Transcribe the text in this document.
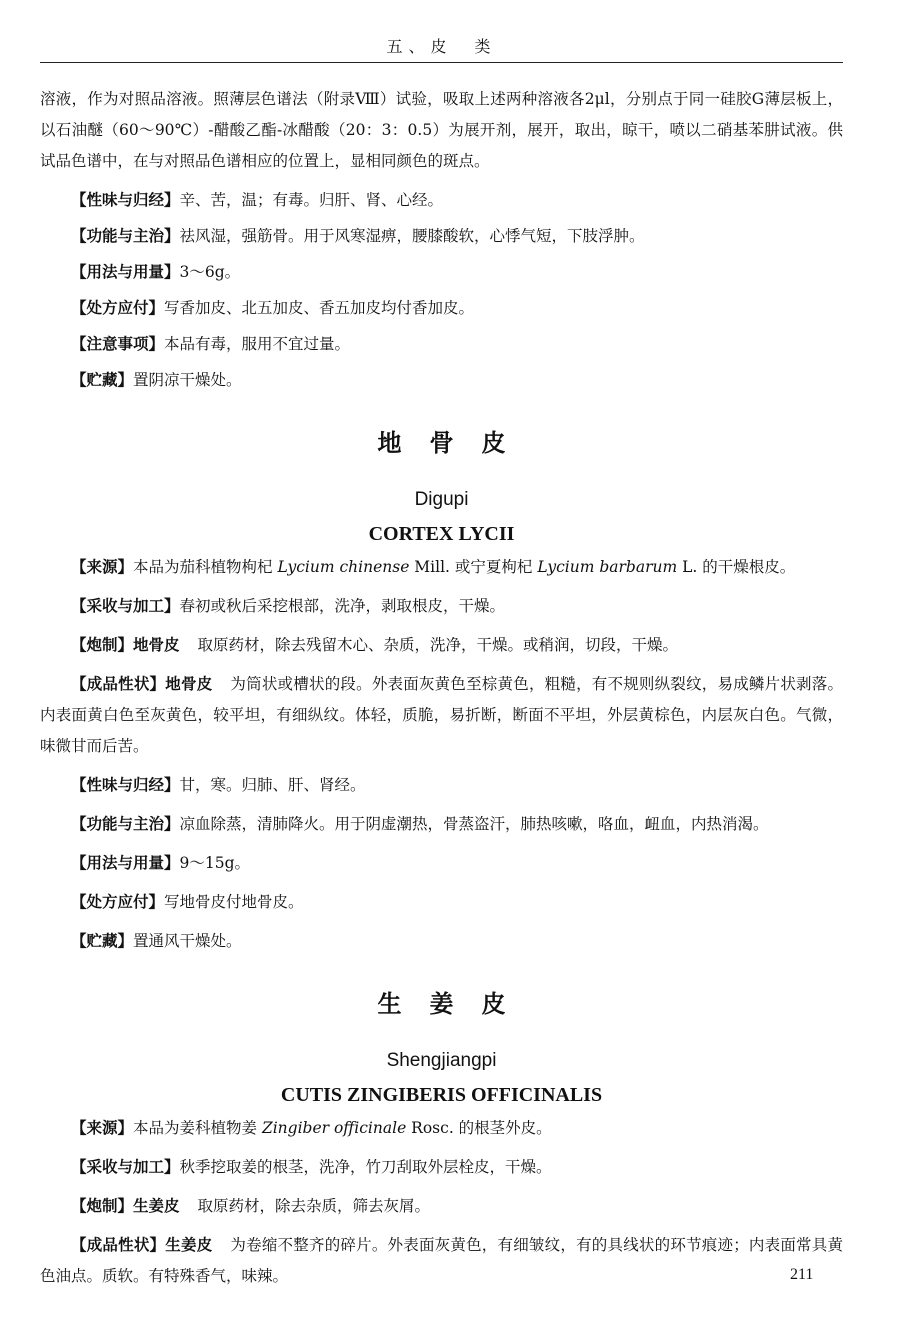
五、皮　类

溶液，作为对照品溶液。照薄层色谱法（附录Ⅷ）试验，吸取上述两种溶液各2μl，分别点于同一硅胶G薄层板上，以石油醚（60～90℃）-醋酸乙酯-冰醋酸（20：3：0.5）为展开剂，展开，取出，晾干，喷以二硝基苯肼试液。供试品色谱中，在与对照品色谱相应的位置上，显相同颜色的斑点。

【性味与归经】辛、苦，温；有毒。归肝、肾、心经。

【功能与主治】祛风湿，强筋骨。用于风寒湿痹，腰膝酸软，心悸气短，下肢浮肿。

【用法与用量】3～6g。

【处方应付】写香加皮、北五加皮、香五加皮均付香加皮。

【注意事项】本品有毒，服用不宜过量。

【贮藏】置阴凉干燥处。

地骨皮
Digupi
CORTEX LYCII

【来源】本品为茄科植物枸杞 Lycium chinense Mill. 或宁夏枸杞 Lycium barbarum L. 的干燥根皮。

【采收与加工】春初或秋后采挖根部，洗净，剥取根皮，干燥。

【炮制】地骨皮 取原药材，除去残留木心、杂质，洗净，干燥。或稍润，切段，干燥。

【成品性状】地骨皮 为筒状或槽状的段。外表面灰黄色至棕黄色，粗糙，有不规则纵裂纹，易成鳞片状剥落。内表面黄白色至灰黄色，较平坦，有细纵纹。体轻，质脆，易折断，断面不平坦，外层黄棕色，内层灰白色。气微，味微甘而后苦。

【性味与归经】甘，寒。归肺、肝、肾经。

【功能与主治】凉血除蒸，清肺降火。用于阴虚潮热，骨蒸盗汗，肺热咳嗽，咯血，衄血，内热消渴。

【用法与用量】9～15g。

【处方应付】写地骨皮付地骨皮。

【贮藏】置通风干燥处。

生姜皮
Shengjiangpi
CUTIS ZINGIBERIS OFFICINALIS

【来源】本品为姜科植物姜 Zingiber officinale Rosc. 的根茎外皮。

【采收与加工】秋季挖取姜的根茎，洗净，竹刀刮取外层栓皮，干燥。

【炮制】生姜皮 取原药材，除去杂质，筛去灰屑。

【成品性状】生姜皮 为卷缩不整齐的碎片。外表面灰黄色，有细皱纹，有的具线状的环节痕迹；内表面常具黄色油点。质软。有特殊香气，味辣。	211
